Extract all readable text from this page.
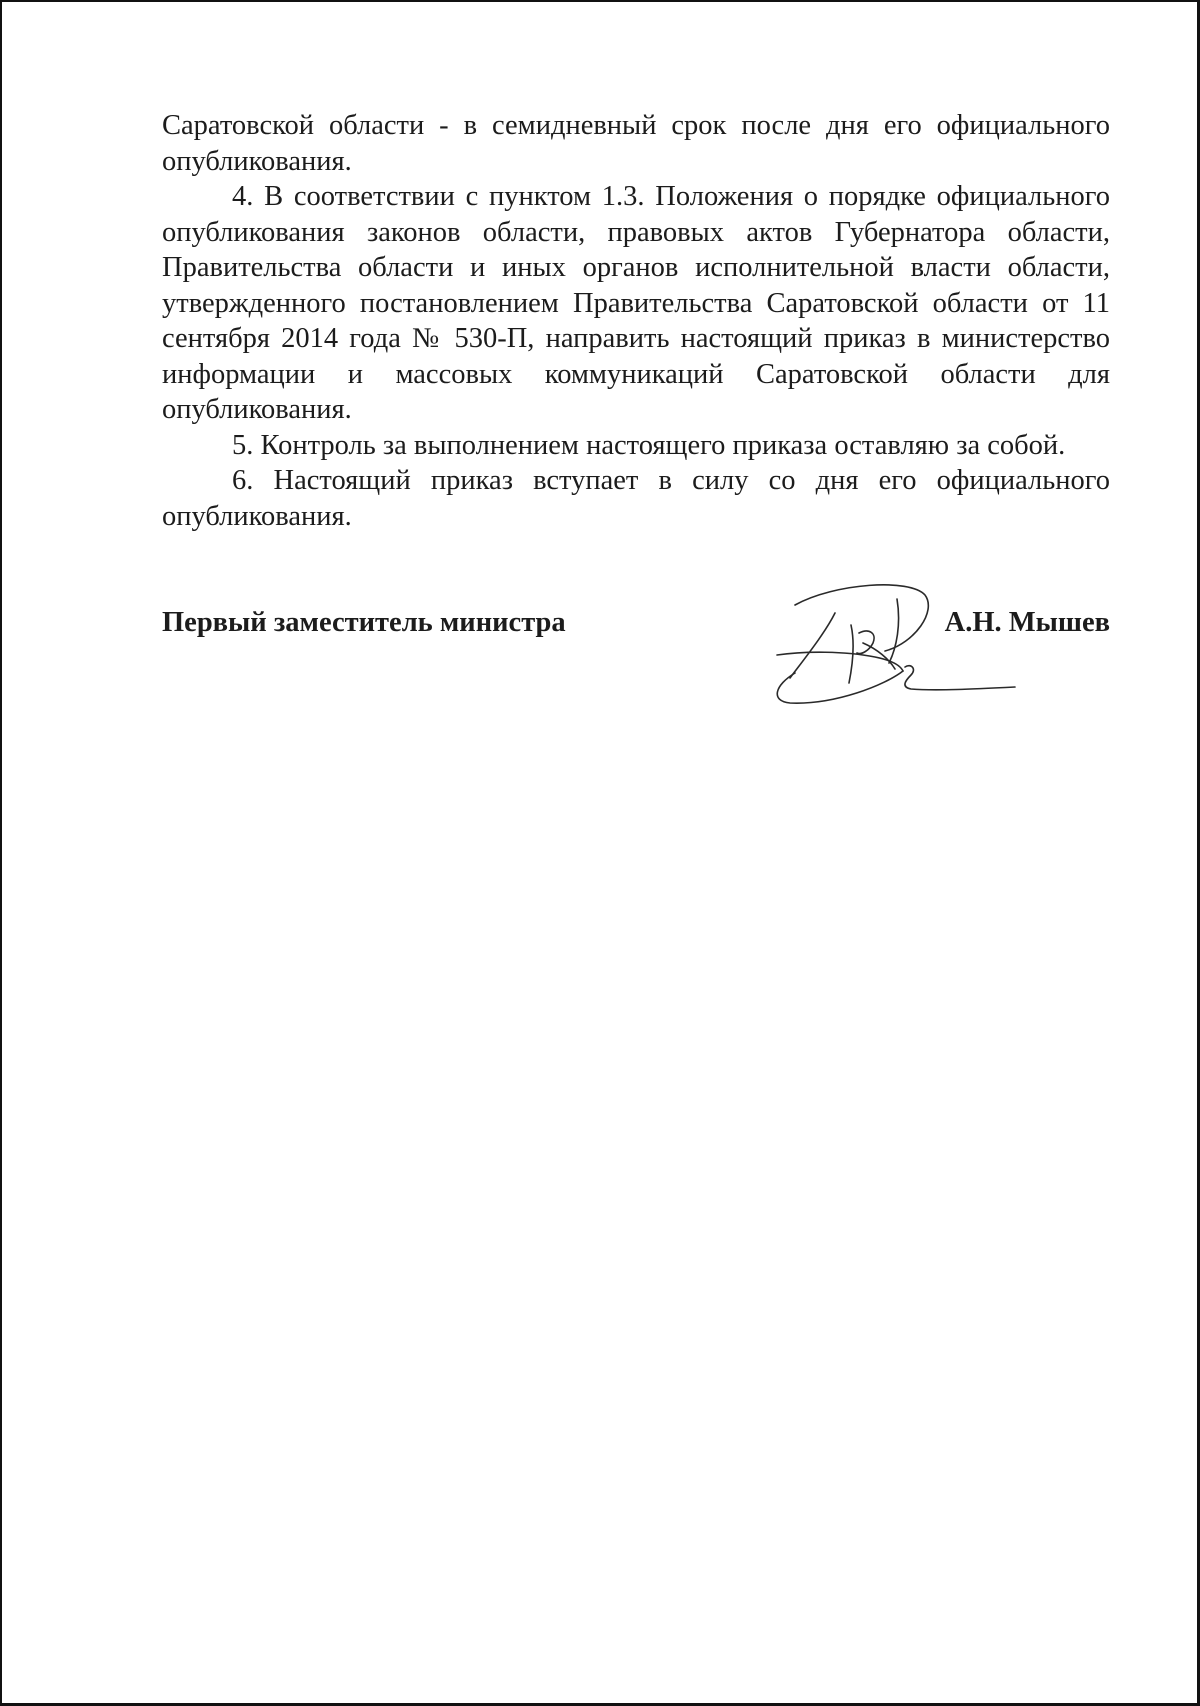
Саратовской области - в семидневный срок после дня его официального опубликования.

4. В соответствии с пунктом 1.3. Положения о порядке официального опубликования законов области, правовых актов Губернатора области, Правительства области и иных органов исполнительной власти области, утвержденного постановлением Правительства Саратовской области от 11 сентября 2014 года № 530-П, направить настоящий приказ в министерство информации и массовых коммуникаций Саратовской области для опубликования.

5. Контроль за выполнением настоящего приказа оставляю за собой.

6. Настоящий приказ вступает в силу со дня его официального опубликования.

Первый заместитель министра	А.Н. Мышев
